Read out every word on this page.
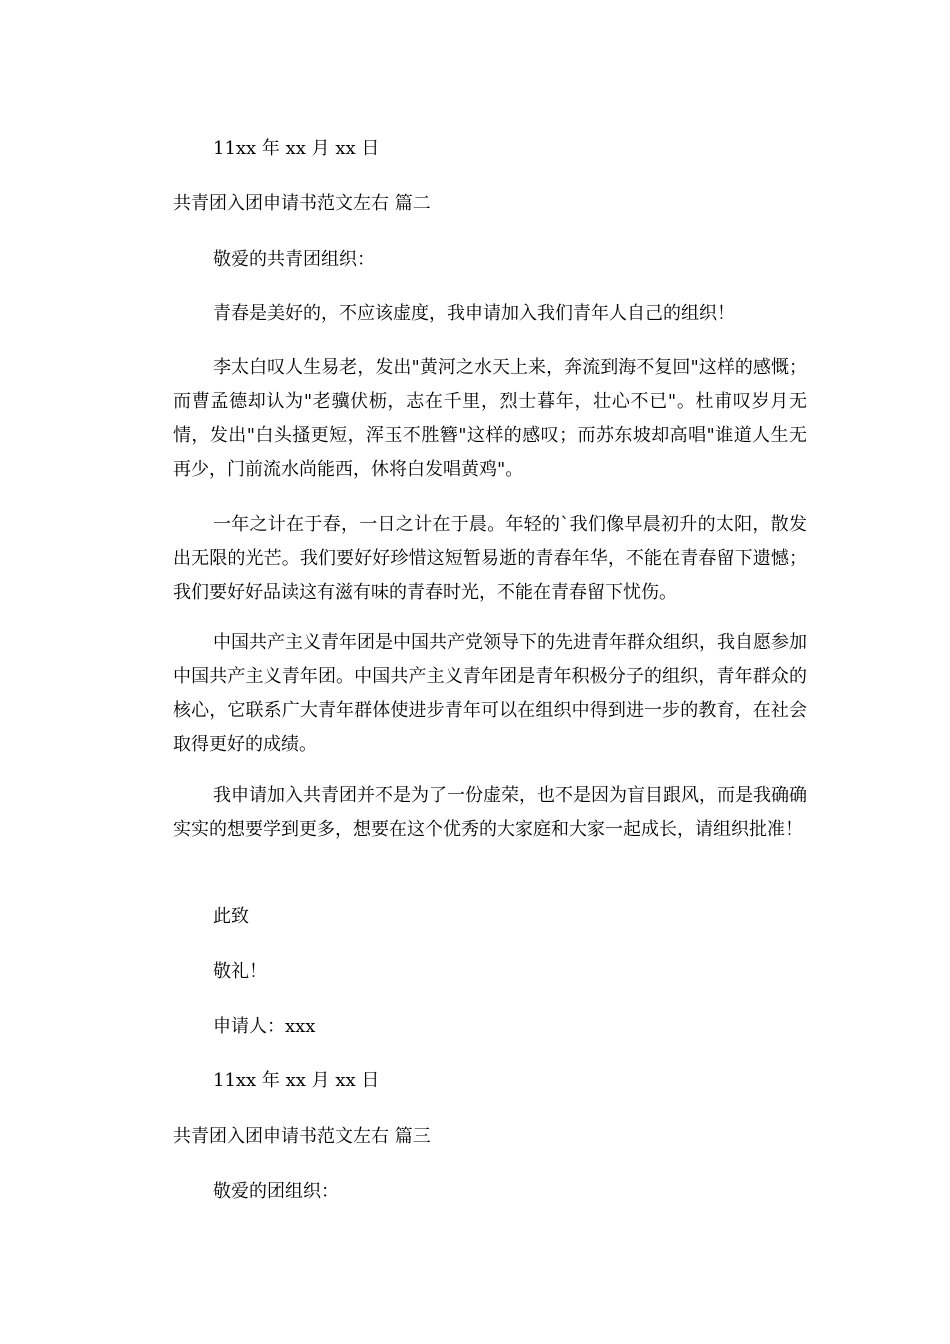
11xx 年 xx 月 xx 日

共青团入团申请书范文左右 篇二

敬爱的共青团组织：

青春是美好的，不应该虚度，我申请加入我们青年人自己的组织！

李太白叹人生易老，发出"黄河之水天上来，奔流到海不复回"这样的感慨；而曹孟德却认为"老骥伏枥，志在千里，烈士暮年，壮心不已"。杜甫叹岁月无情，发出"白头搔更短，浑玉不胜簪"这样的感叹；而苏东坡却高唱"谁道人生无再少，门前流水尚能西，休将白发唱黄鸡"。

一年之计在于春，一日之计在于晨。年轻的`我们像早晨初升的太阳，散发出无限的光芒。我们要好好珍惜这短暂易逝的青春年华，不能在青春留下遗憾；我们要好好品读这有滋有味的青春时光，不能在青春留下忧伤。

中国共产主义青年团是中国共产党领导下的先进青年群众组织，我自愿参加中国共产主义青年团。中国共产主义青年团是青年积极分子的组织，青年群众的核心，它联系广大青年群体使进步青年可以在组织中得到进一步的教育，在社会取得更好的成绩。

我申请加入共青团并不是为了一份虚荣，也不是因为盲目跟风，而是我确确实实的想要学到更多，想要在这个优秀的大家庭和大家一起成长，请组织批准！

此致

敬礼！

申请人：xxx

11xx 年 xx 月 xx 日

共青团入团申请书范文左右 篇三

敬爱的团组织：
